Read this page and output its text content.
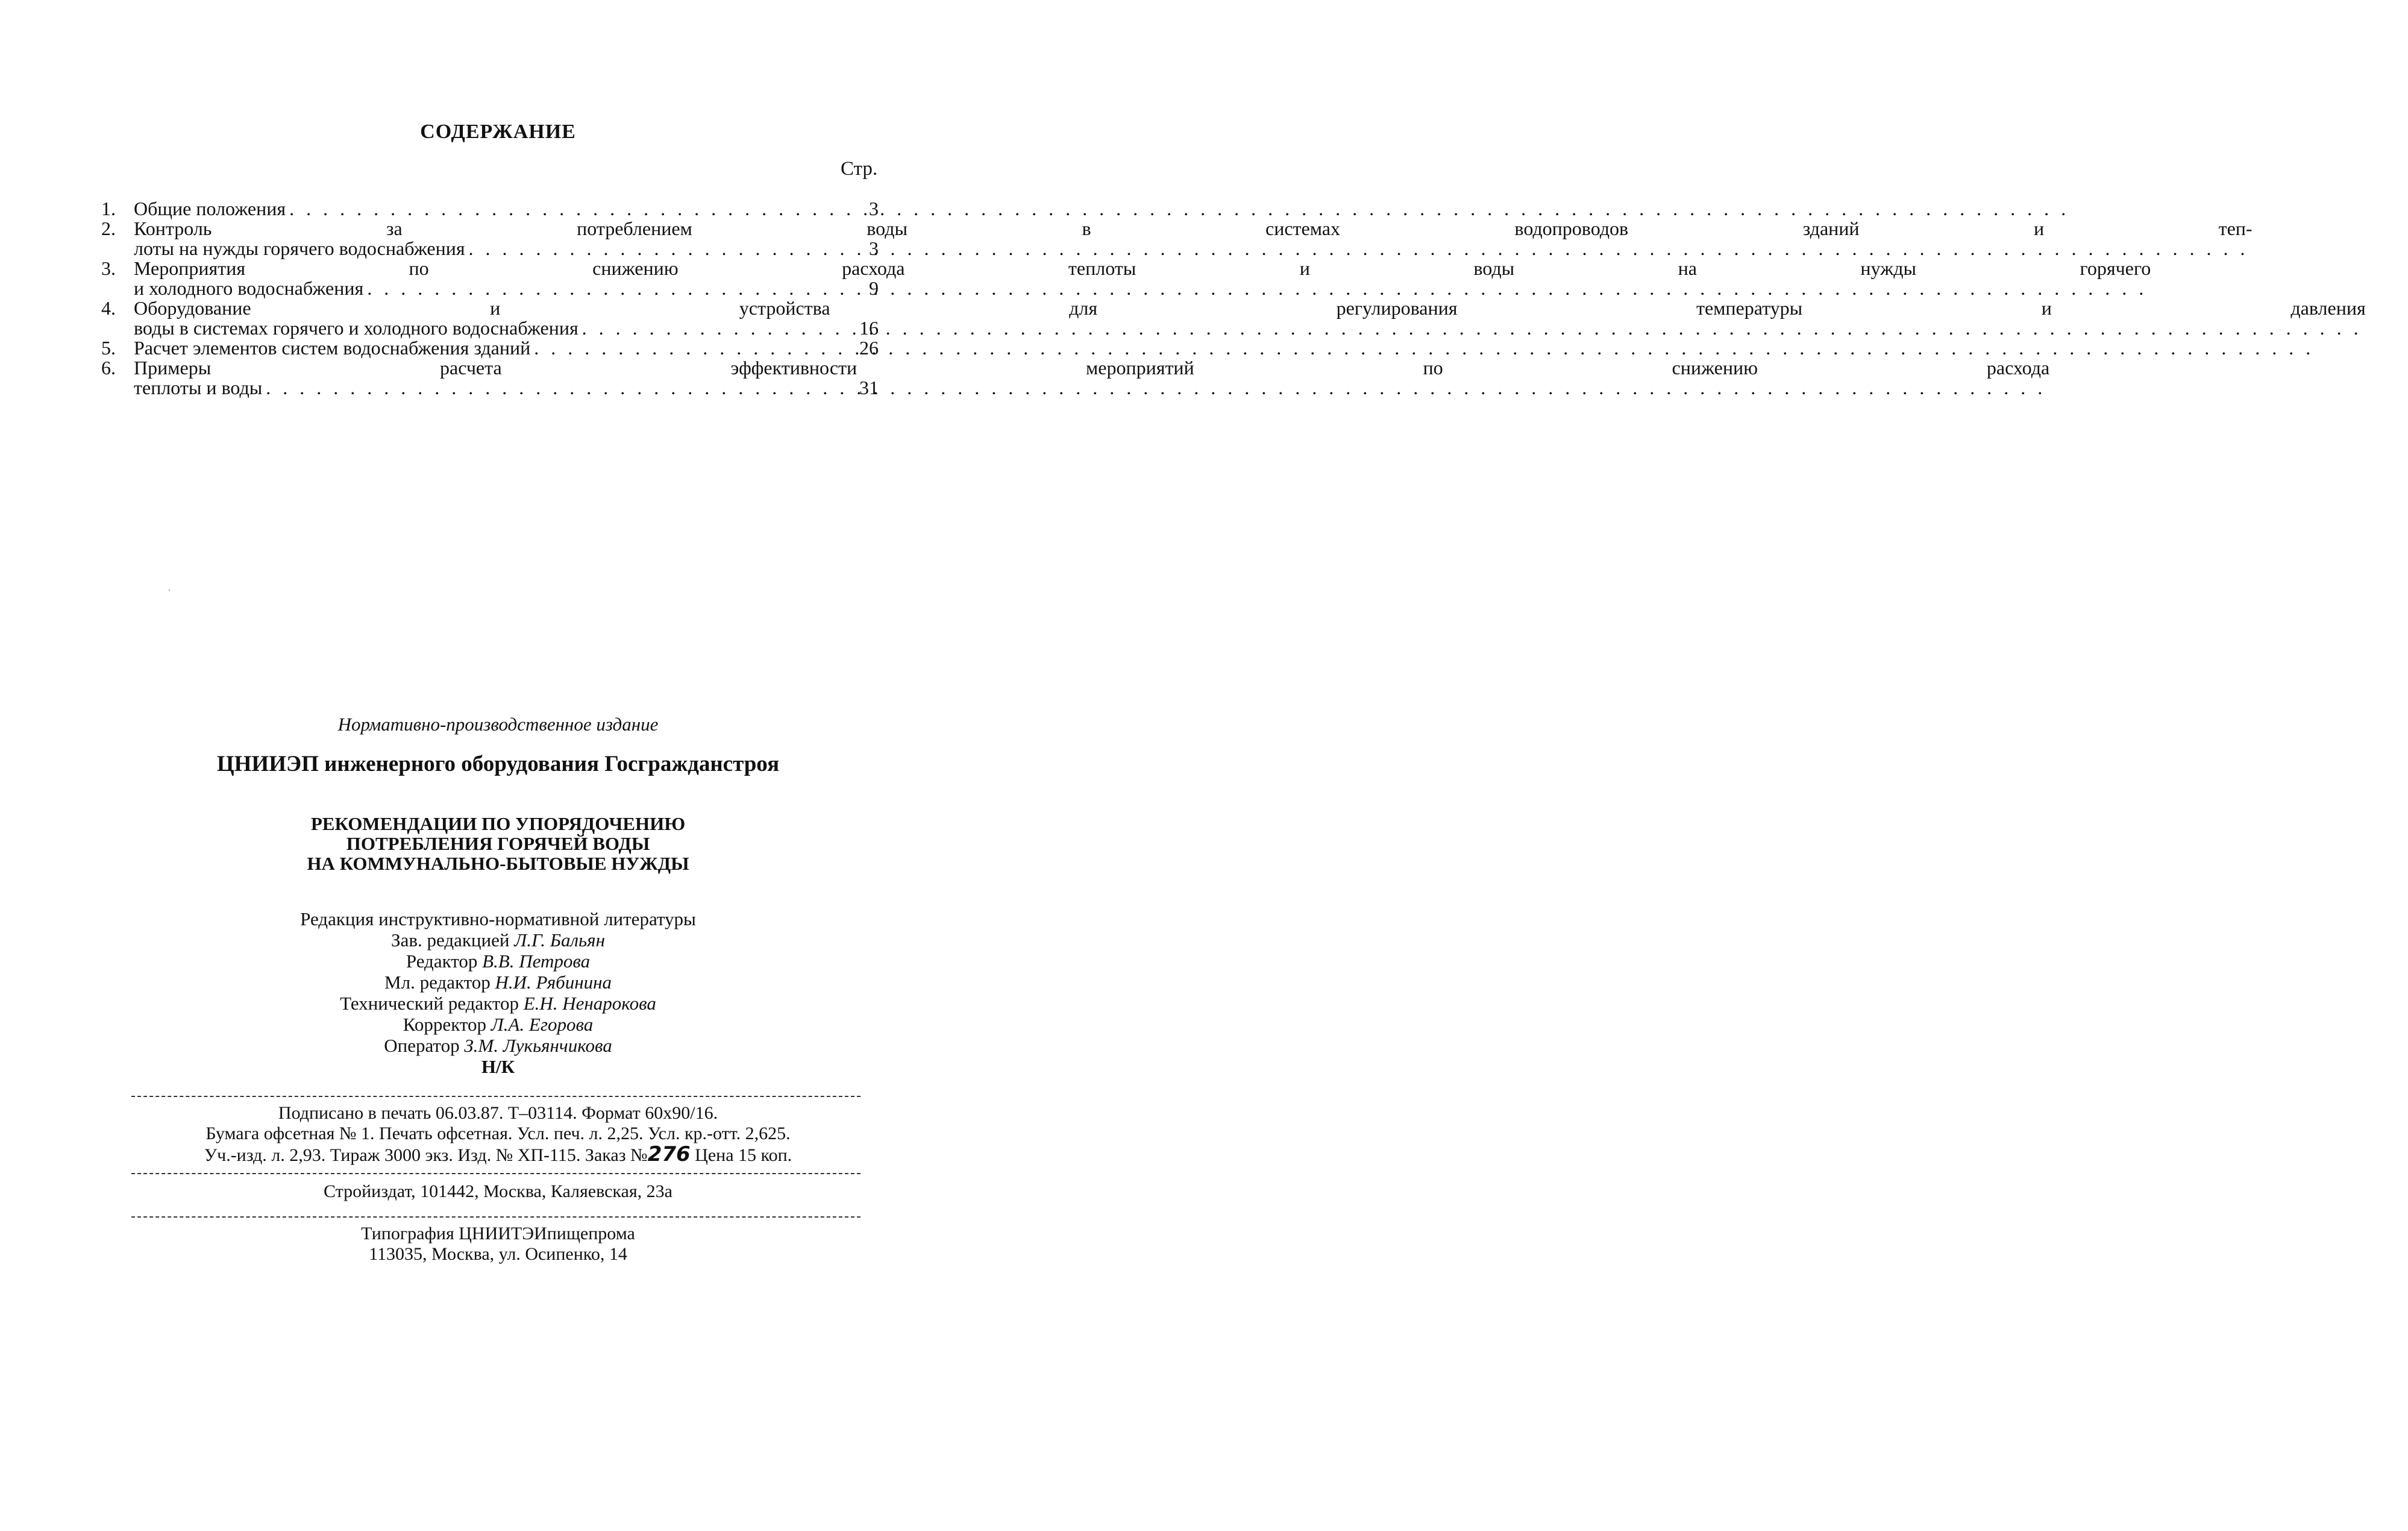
СОДЕРЖАНИЕ
Стр.
1. Общие положения . . .	3
2. Контроль за потреблением воды в системах водопроводов зданий и теп-
лоты на нужды горячего водоснабжения . . .	3
3. Мероприятия по снижению расхода теплоты и воды на нужды горячего
и холодного водоснабжения . . .	9
4. Оборудование и устройства для регулирования температуры и давления
воды в системах горячего и холодного водоснабжения . . .	16
5. Расчет элементов систем водоснабжения зданий . . .	26
6. Примеры расчета эффективности мероприятий по снижению расхода
теплоты и воды . . .	31
Нормативно-производственное издание
ЦНИИЭП инженерного оборудования Госгражданстроя
РЕКОМЕНДАЦИИ ПО УПОРЯДОЧЕНИЮ
ПОТРЕБЛЕНИЯ ГОРЯЧЕЙ ВОДЫ
НА КОММУНАЛЬНО-БЫТОВЫЕ НУЖДЫ
Редакция инструктивно-нормативной литературы
Зав. редакцией Л.Г. Бальян
Редактор В.В. Петрова
Мл. редактор Н.И. Рябинина
Технический редактор Е.Н. Ненарокова
Корректор Л.А. Егорова
Оператор З.М. Лукьянчикова
Н/К
Подписано в печать 06.03.87. Т–03114. Формат 60х90/16.
Бумага офсетная № 1. Печать офсетная. Усл. печ. л. 2,25. Усл. кр.-отт. 2,625.
Уч.-изд. л. 2,93. Тираж 3000 экз. Изд. № ХП-115. Заказ №276 Цена 15 коп.
Стройиздат, 101442, Москва, Каляевская, 23а
Типография ЦНИИТЭИпищепрома
113035, Москва, ул. Осипенко, 14
